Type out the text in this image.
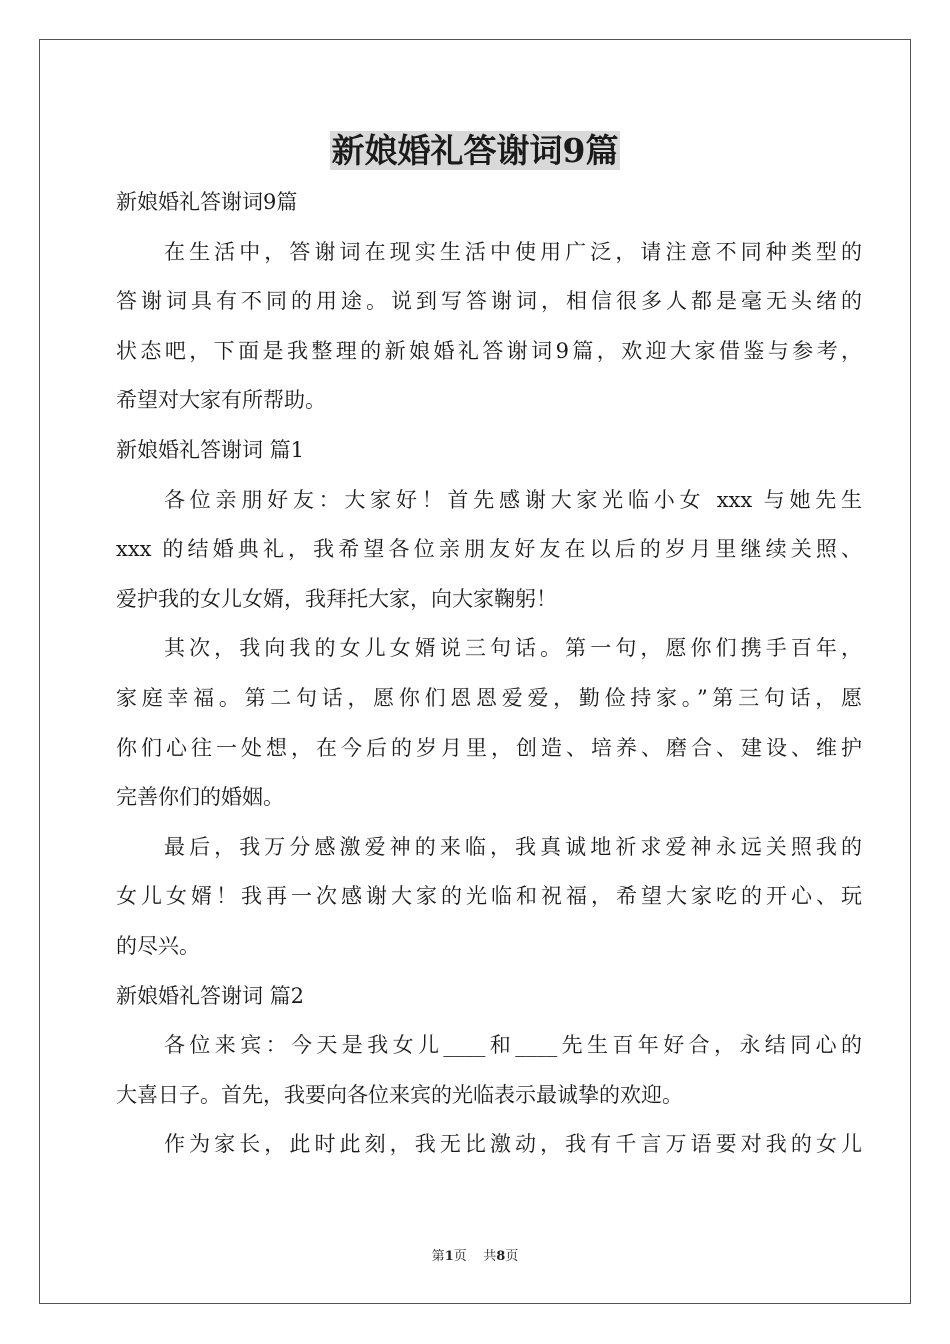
新娘婚礼答谢词9篇
新娘婚礼答谢词9篇
在生活中，答谢词在现实生活中使用广泛，请注意不同种类型的
答谢词具有不同的用途。说到写答谢词，相信很多人都是毫无头绪的
状态吧，下面是我整理的新娘婚礼答谢词9篇，欢迎大家借鉴与参考，
希望对大家有所帮助。
新娘婚礼答谢词 篇1
各位亲朋好友：大家好！首先感谢大家光临小女 xxx 与她先生
xxx 的结婚典礼，我希望各位亲朋友好友在以后的岁月里继续关照、
爱护我的女儿女婿，我拜托大家，向大家鞠躬！
其次，我向我的女儿女婿说三句话。第一句，愿你们携手百年，
家庭幸福。第二句话，愿你们恩恩爱爱，勤俭持家。”第三句话，愿
你们心往一处想，在今后的岁月里，创造、培养、磨合、建设、维护
完善你们的婚姻。
最后，我万分感激爱神的来临，我真诚地祈求爱神永远关照我的
女儿女婿！我再一次感谢大家的光临和祝福，希望大家吃的开心、玩
的尽兴。
新娘婚礼答谢词 篇2
各位来宾：今天是我女儿____和____先生百年好合，永结同心的
大喜日子。首先，我要向各位来宾的光临表示最诚挚的欢迎。
作为家长，此时此刻，我无比激动，我有千言万语要对我的女儿
第1页    共8页
